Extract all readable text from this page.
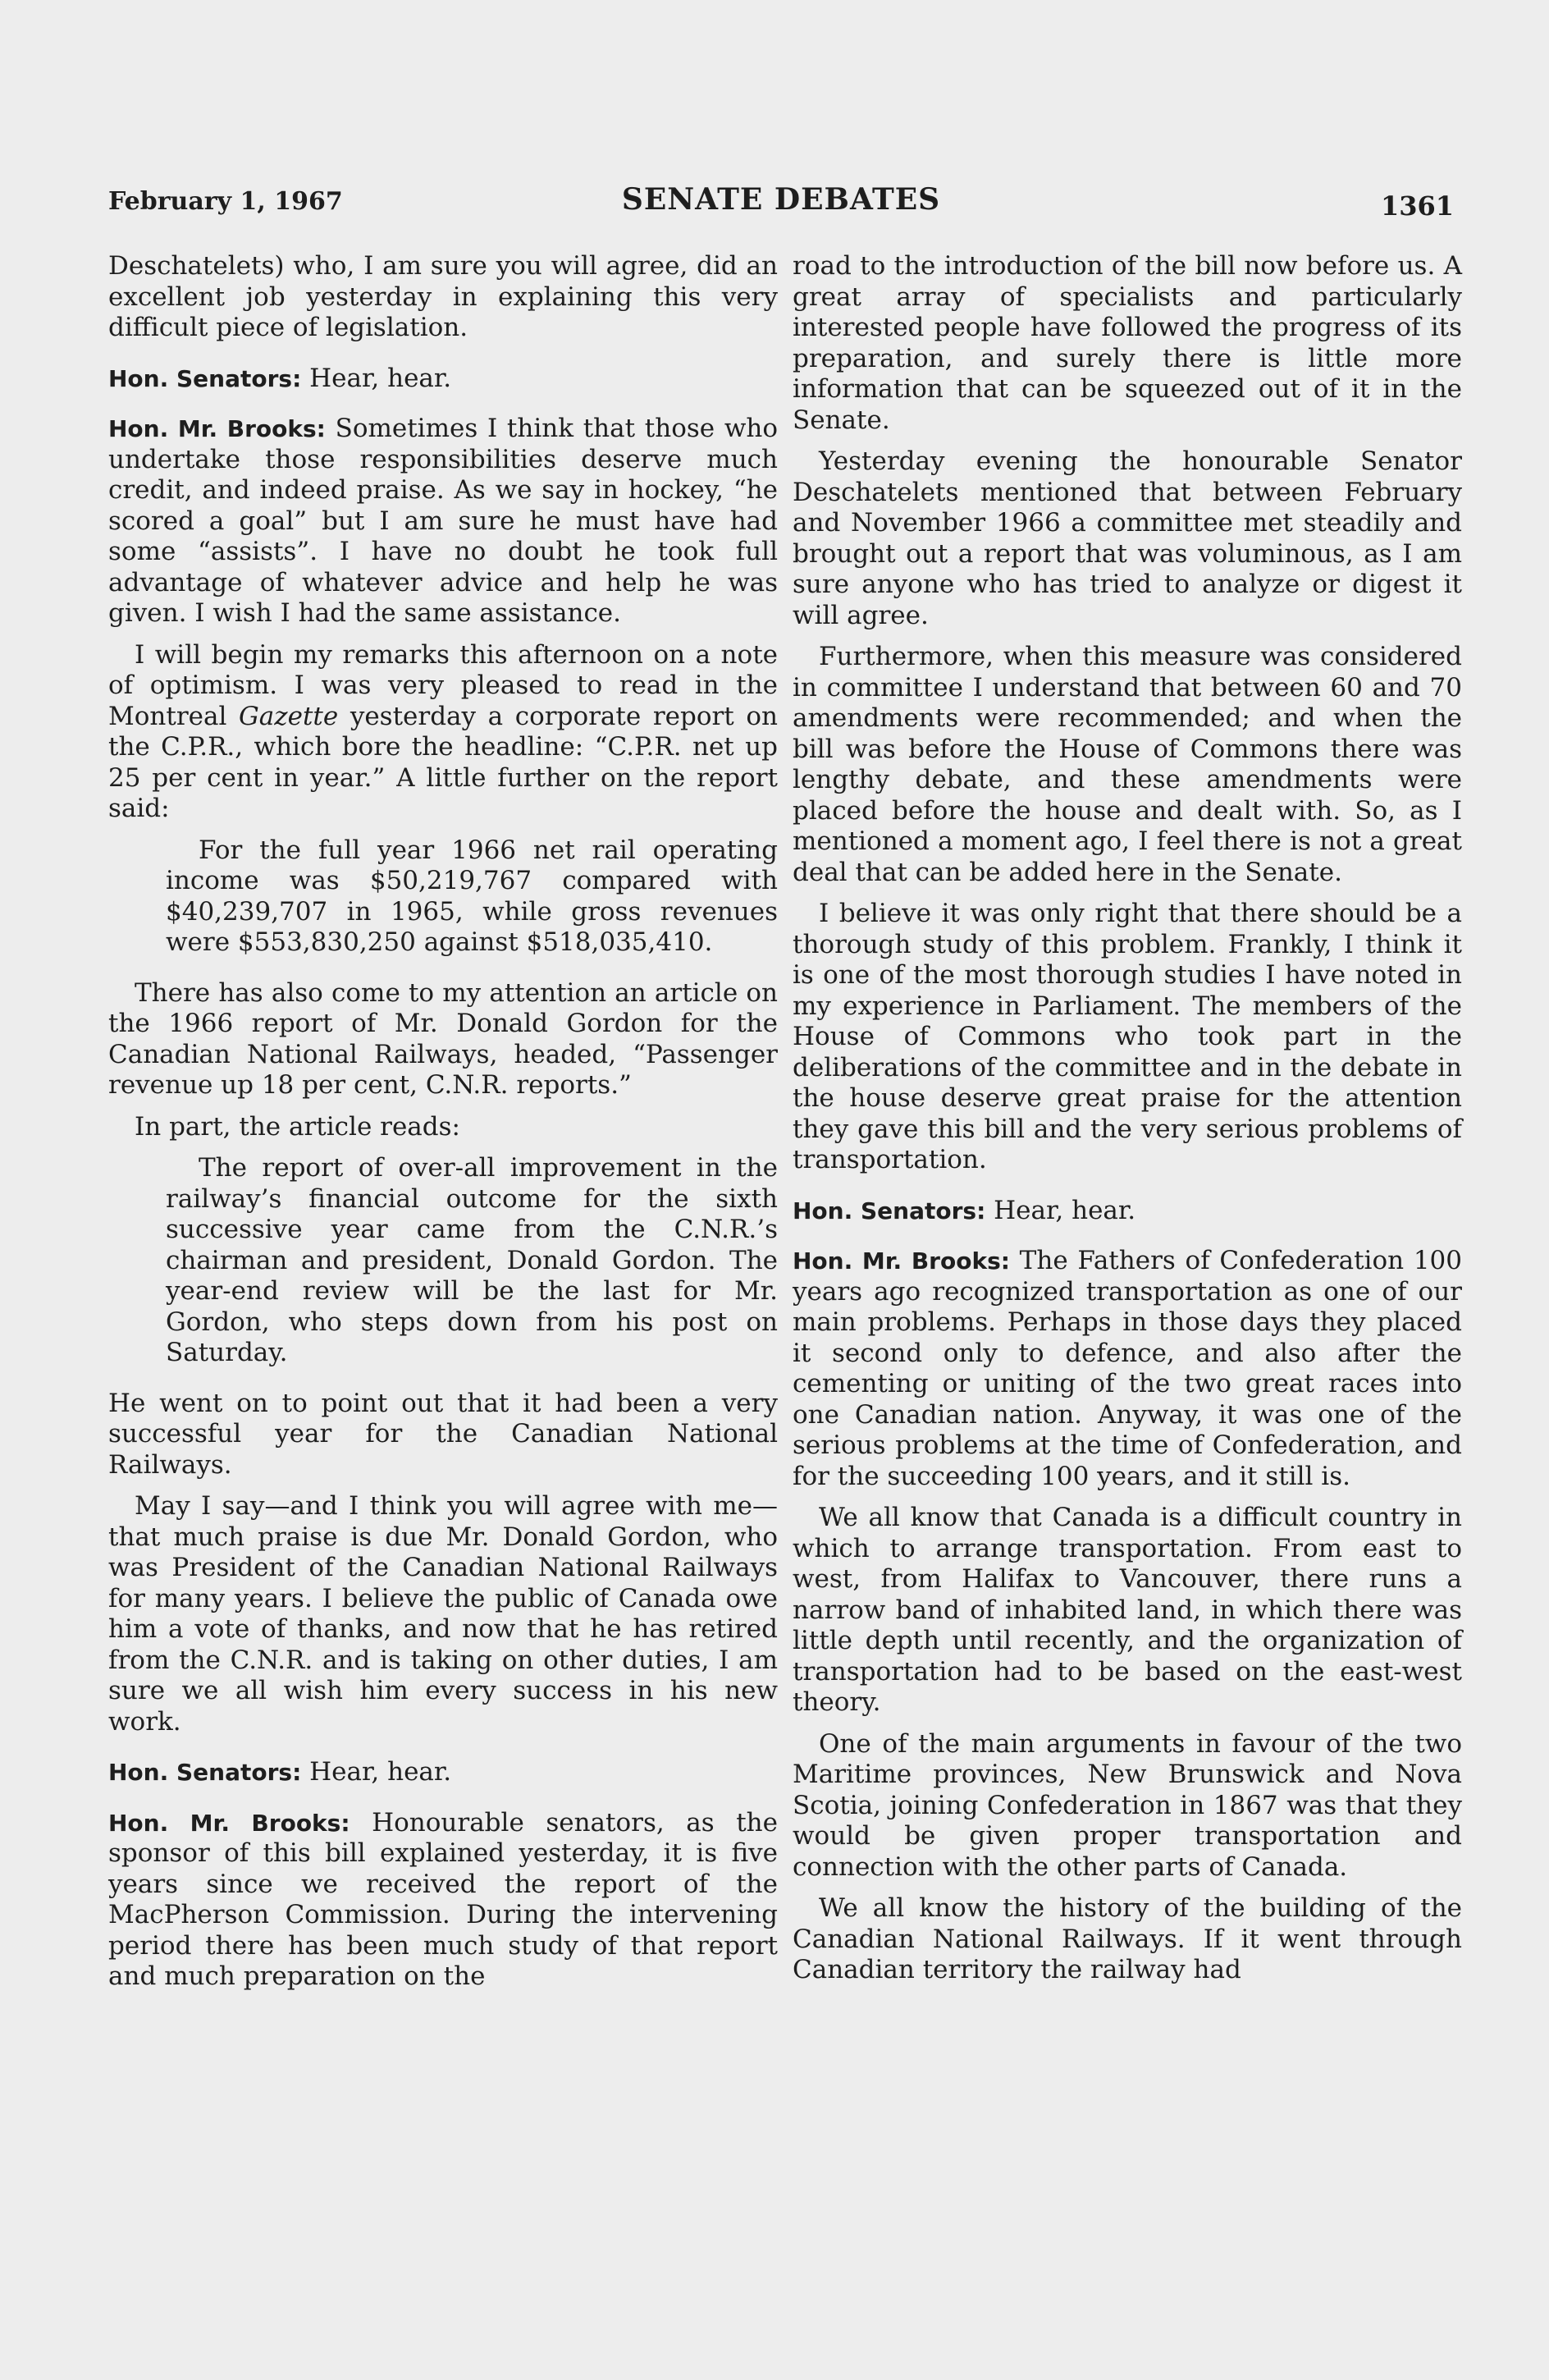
February 1, 1967	SENATE DEBATES	1361

Deschatelets) who, I am sure you will agree, did an excellent job yesterday in explaining this very difficult piece of legislation.

Hon. Senators: Hear, hear.

Hon. Mr. Brooks: Sometimes I think that those who undertake those responsibilities deserve much credit, and indeed praise. As we say in hockey, “he scored a goal” but I am sure he must have had some “assists”. I have no doubt he took full advantage of whatever advice and help he was given. I wish I had the same assistance.

I will begin my remarks this afternoon on a note of optimism. I was very pleased to read in the Montreal Gazette yesterday a corporate report on the C.P.R., which bore the headline: “C.P.R. net up 25 per cent in year.” A little further on the report said:

For the full year 1966 net rail operating income was $50,219,767 compared with $40,239,707 in 1965, while gross revenues were $553,830,250 against $518,035,410.

There has also come to my attention an article on the 1966 report of Mr. Donald Gordon for the Canadian National Railways, headed, “Passenger revenue up 18 per cent, C.N.R. reports.”

In part, the article reads:

The report of over-all improvement in the railway’s financial outcome for the sixth successive year came from the C.N.R.’s chairman and president, Donald Gordon. The year-end review will be the last for Mr. Gordon, who steps down from his post on Saturday.

He went on to point out that it had been a very successful year for the Canadian National Railways.

May I say—and I think you will agree with me—that much praise is due Mr. Donald Gordon, who was President of the Canadian National Railways for many years. I believe the public of Canada owe him a vote of thanks, and now that he has retired from the C.N.R. and is taking on other duties, I am sure we all wish him every success in his new work.

Hon. Senators: Hear, hear.

Hon. Mr. Brooks: Honourable senators, as the sponsor of this bill explained yesterday, it is five years since we received the report of the MacPherson Commission. During the intervening period there has been much study of that report and much preparation on the

road to the introduction of the bill now before us. A great array of specialists and particularly interested people have followed the progress of its preparation, and surely there is little more information that can be squeezed out of it in the Senate.

Yesterday evening the honourable Senator Deschatelets mentioned that between February and November 1966 a committee met steadily and brought out a report that was voluminous, as I am sure anyone who has tried to analyze or digest it will agree.

Furthermore, when this measure was considered in committee I understand that between 60 and 70 amendments were recommended; and when the bill was before the House of Commons there was lengthy debate, and these amendments were placed before the house and dealt with. So, as I mentioned a moment ago, I feel there is not a great deal that can be added here in the Senate.

I believe it was only right that there should be a thorough study of this problem. Frankly, I think it is one of the most thorough studies I have noted in my experience in Parliament. The members of the House of Commons who took part in the deliberations of the committee and in the debate in the house deserve great praise for the attention they gave this bill and the very serious problems of transportation.

Hon. Senators: Hear, hear.

Hon. Mr. Brooks: The Fathers of Confederation 100 years ago recognized transportation as one of our main problems. Perhaps in those days they placed it second only to defence, and also after the cementing or uniting of the two great races into one Canadian nation. Anyway, it was one of the serious problems at the time of Confederation, and for the succeeding 100 years, and it still is.

We all know that Canada is a difficult country in which to arrange transportation. From east to west, from Halifax to Vancouver, there runs a narrow band of inhabited land, in which there was little depth until recently, and the organization of transportation had to be based on the east-west theory.

One of the main arguments in favour of the two Maritime provinces, New Brunswick and Nova Scotia, joining Confederation in 1867 was that they would be given proper transportation and connection with the other parts of Canada.

We all know the history of the building of the Canadian National Railways. If it went through Canadian territory the railway had
